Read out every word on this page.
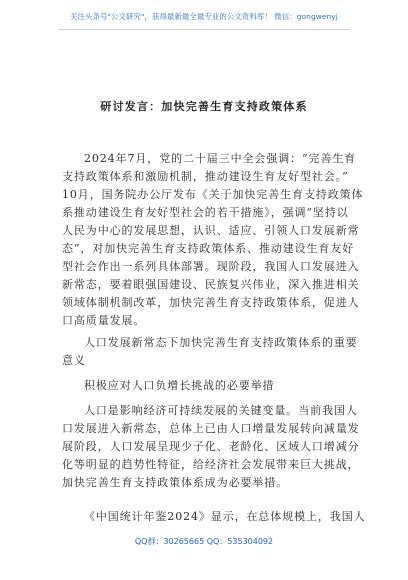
关注头条号"公文研究"，获得最新最全最专业的公文资料库！ 微信：gongwenyj
研讨发言：加快完善生育支持政策体系
2024年7月，党的二十届三中全会强调：“完善生育
支持政策体系和激励机制，推动建设生育友好型社会。”
10月，国务院办公厅发布《关于加快完善生育支持政策体
系推动建设生育友好型社会的若干措施》，强调“坚持以
人民为中心的发展思想，认识、适应、引领人口发展新常
态”，对加快完善生育支持政策体系、推动建设生育友好
型社会作出一系列具体部署。现阶段，我国人口发展进入
新常态，要着眼强国建设、民族复兴伟业，深入推进相关
领域体制机制改革，加快完善生育支持政策体系，促进人
口高质量发展。
人口发展新常态下加快完善生育支持政策体系的重要
意义
积极应对人口负增长挑战的必要举措
人口是影响经济可持续发展的关键变量。当前我国人
口发展进入新常态，总体上已由人口增量发展转向减量发
展阶段，人口发展呈现少子化、老龄化、区域人口增减分
化等明显的趋势性特征，给经济社会发展带来巨大挑战，
加快完善生育支持政策体系成为必要举措。
《中国统计年鉴2024》显示，在总体规模上，我国人
QQ群：30265665 QQ：535304092
